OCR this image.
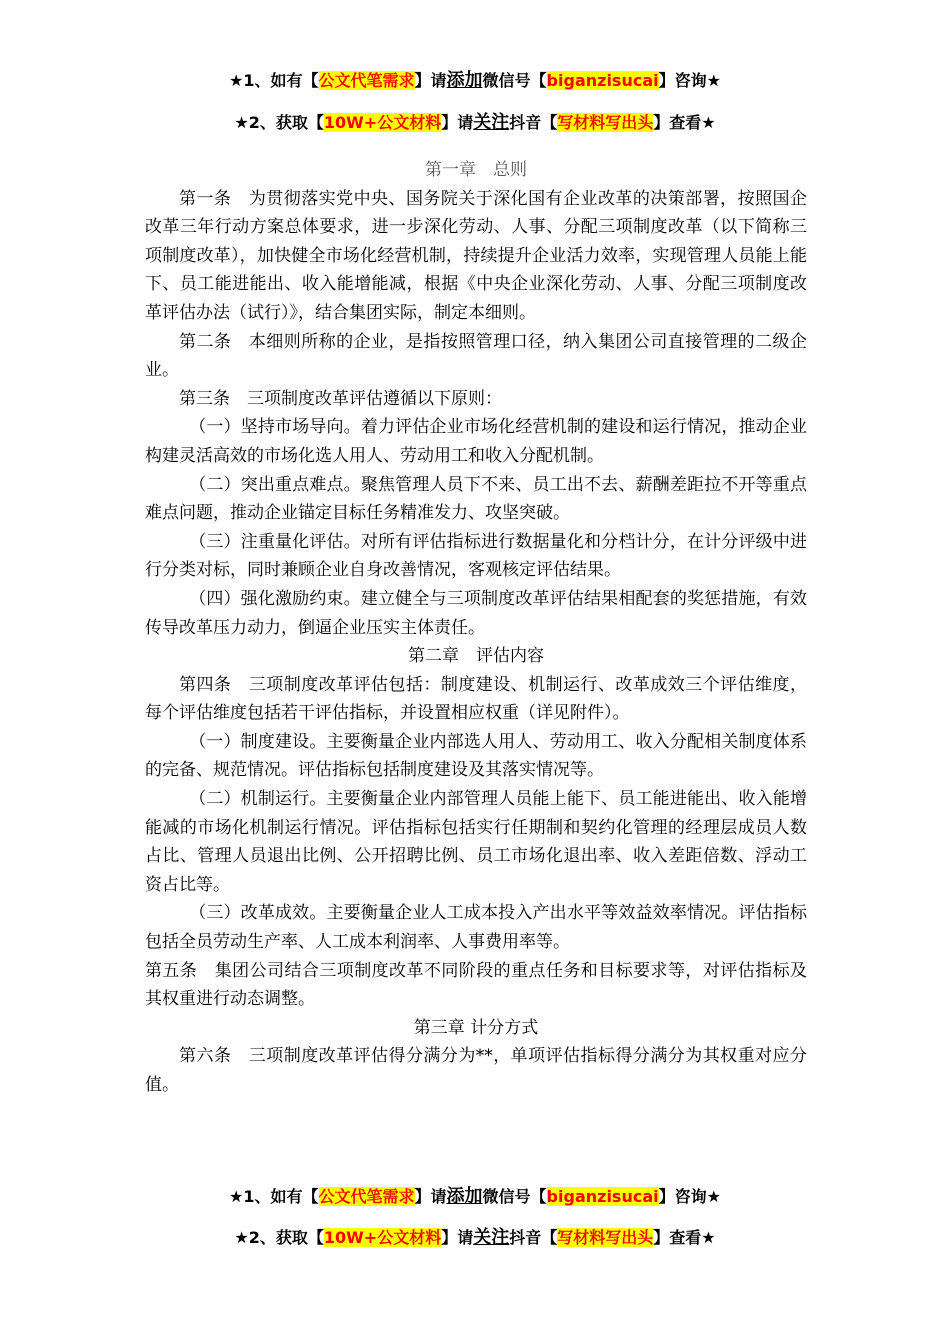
★1、如有【公文代笔需求】请添加微信号【biganzisucai】咨询★
★2、获取【10W+公文材料】请关注抖音【写材料写出头】查看★

第一章　总则

第一条　为贯彻落实党中央、国务院关于深化国有企业改革的决策部署，按照国企改革三年行动方案总体要求，进一步深化劳动、人事、分配三项制度改革（以下简称三项制度改革），加快健全市场化经营机制，持续提升企业活力效率，实现管理人员能上能下、员工能进能出、收入能增能减，根据《中央企业深化劳动、人事、分配三项制度改革评估办法（试行）》，结合集团实际，制定本细则。

第二条　本细则所称的企业，是指按照管理口径，纳入集团公司直接管理的二级企业。

第三条　三项制度改革评估遵循以下原则：

（一）坚持市场导向。着力评估企业市场化经营机制的建设和运行情况，推动企业构建灵活高效的市场化选人用人、劳动用工和收入分配机制。

（二）突出重点难点。聚焦管理人员下不来、员工出不去、薪酬差距拉不开等重点难点问题，推动企业锚定目标任务精准发力、攻坚突破。

（三）注重量化评估。对所有评估指标进行数据量化和分档计分，在计分评级中进行分类对标，同时兼顾企业自身改善情况，客观核定评估结果。

（四）强化激励约束。建立健全与三项制度改革评估结果相配套的奖惩措施，有效传导改革压力动力，倒逼企业压实主体责任。

第二章　评估内容

第四条　三项制度改革评估包括：制度建设、机制运行、改革成效三个评估维度，每个评估维度包括若干评估指标，并设置相应权重（详见附件）。

（一）制度建设。主要衡量企业内部选人用人、劳动用工、收入分配相关制度体系的完备、规范情况。评估指标包括制度建设及其落实情况等。

（二）机制运行。主要衡量企业内部管理人员能上能下、员工能进能出、收入能增能减的市场化机制运行情况。评估指标包括实行任期制和契约化管理的经理层成员人数占比、管理人员退出比例、公开招聘比例、员工市场化退出率、收入差距倍数、浮动工资占比等。

（三）改革成效。主要衡量企业人工成本投入产出水平等效益效率情况。评估指标包括全员劳动生产率、人工成本利润率、人事费用率等。

第五条　集团公司结合三项制度改革不同阶段的重点任务和目标要求等，对评估指标及其权重进行动态调整。

第三章 计分方式

第六条　三项制度改革评估得分满分为**，单项评估指标得分满分为其权重对应分值。

★1、如有【公文代笔需求】请添加微信号【biganzisucai】咨询★
★2、获取【10W+公文材料】请关注抖音【写材料写出头】查看★
